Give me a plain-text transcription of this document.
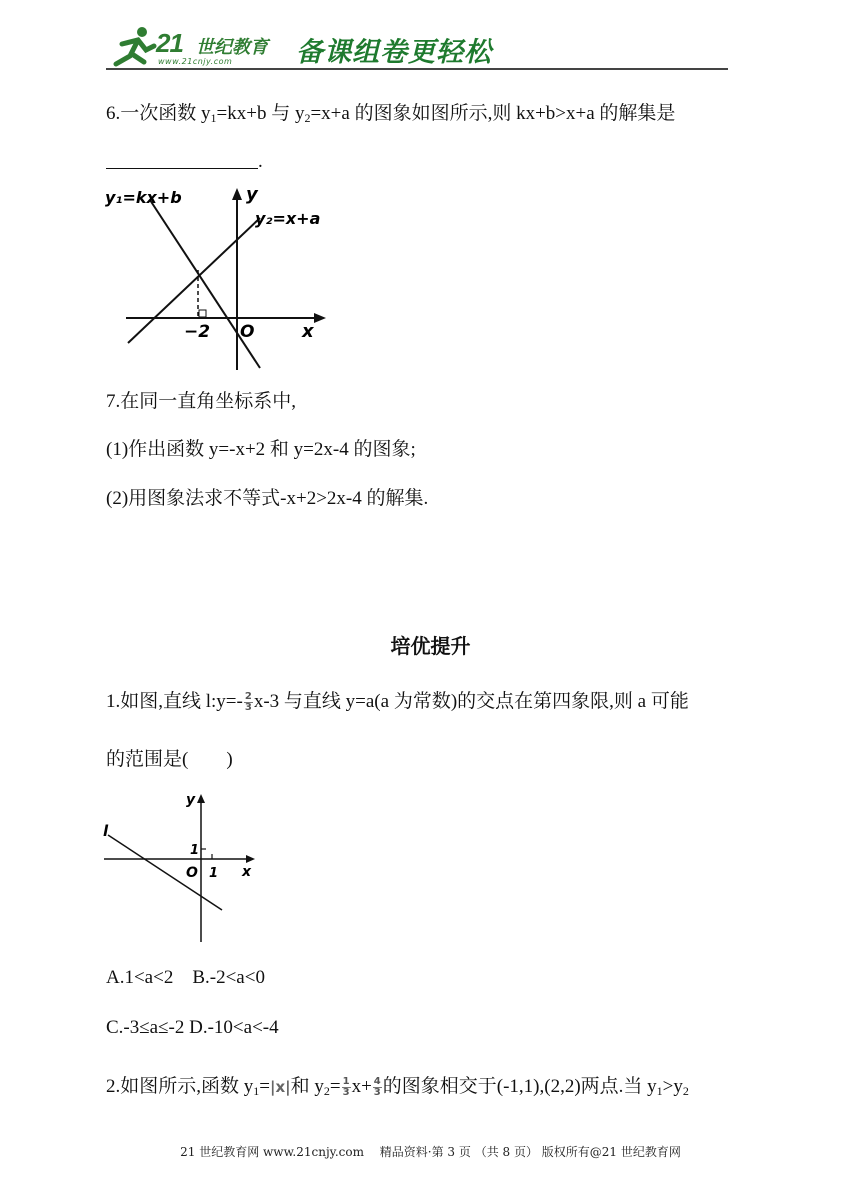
21 世纪教育
www.21cnjy.com 备课组卷更轻松
6.一次函数 $y_1=kx+b$ 与 $y_2=x+a$ 的图象如图所示,则 kx+b>x+a 的解集是
.
y₁=kx+b
y₂=x+a
y
x
O
−2
7.在同一直角坐标系中,
(1)作出函数 y=-x+2 和 y=2x-4 的图象;
(2)用图象法求不等式-x+2>2x-4 的解集.
培优提升
1.如图,直线 l:y=- $\frac{2}{3} x-3$ 与直线 y=a(a 为常数)的交点在第四象限,则 a 可能
的范围是(　　)
l
y
x
O 1
1
A.1<a<2　B.-2<a<0
C.-3≤a≤-2 D.-10<a<-4
2.如图所示,函数 $y_1=|x|$和 $y_2= \frac{1}{3} x+ \frac{4}{3}$ 的图象相交于(-1,1),(2,2)两点.当 $y_1>y_2$
21 世纪教育网 www.21cnjy.com　 精品资料·第 3 页 （共 8 页） 版权所有@21 世纪教育网
